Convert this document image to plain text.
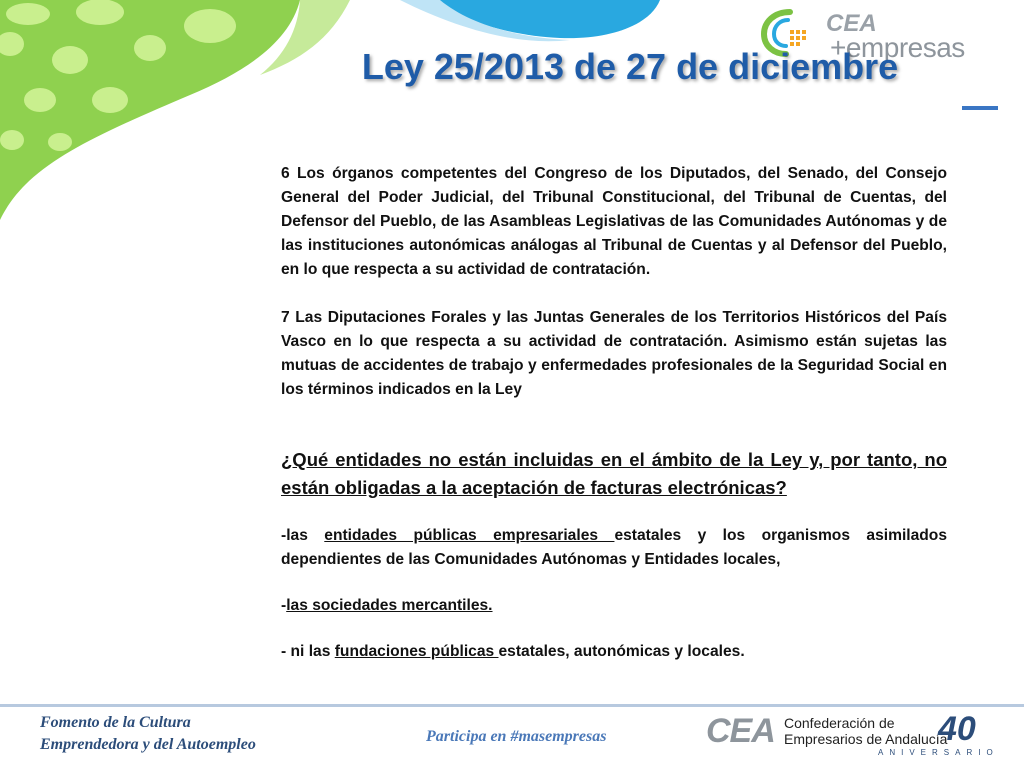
CEA
+empresas
Ley 25/2013 de 27 de diciembre

6 Los órganos competentes del Congreso de los Diputados, del Senado, del Consejo General del Poder Judicial, del Tribunal Constitucional, del Tribunal de Cuentas, del Defensor del Pueblo, de las Asambleas Legislativas de las Comunidades Autónomas y de las instituciones autonómicas análogas al Tribunal de Cuentas y al Defensor del Pueblo, en lo que respecta a su actividad de contratación.

7 Las Diputaciones Forales y las Juntas Generales de los Territorios Históricos del País Vasco en lo que respecta a su actividad de contratación. Asimismo están sujetas las mutuas de accidentes de trabajo y enfermedades profesionales de la Seguridad Social en los términos indicados en la Ley

¿Qué entidades no están incluidas en el ámbito de la Ley y, por tanto, no están obligadas a la aceptación de facturas electrónicas?

-las entidades públicas empresariales estatales y los organismos asimilados dependientes de las Comunidades Autónomas y Entidades locales,

-las sociedades mercantiles.

- ni las fundaciones públicas estatales, autonómicas y locales.

Fomento de la Cultura
Emprendedora y del Autoempleo	Participa en #masempresas	CEA Confederación de
Empresarios de Andalucía
40
ANIVERSARIO
